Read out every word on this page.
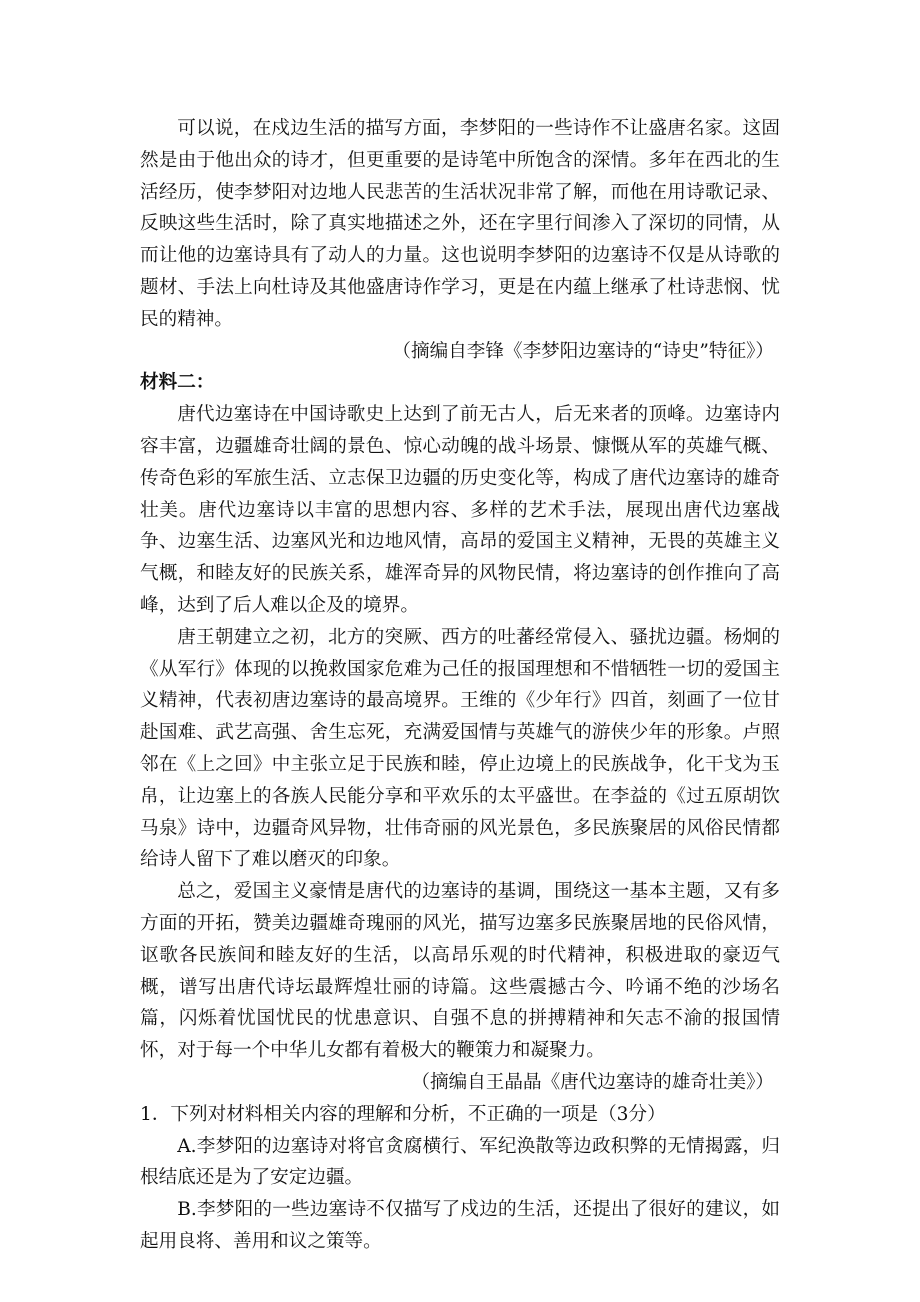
可以说，在戍边生活的描写方面，李梦阳的一些诗作不让盛唐名家。这固然是由于他出众的诗才，但更重要的是诗笔中所饱含的深情。多年在西北的生活经历，使李梦阳对边地人民悲苦的生活状况非常了解，而他在用诗歌记录、反映这些生活时，除了真实地描述之外，还在字里行间渗入了深切的同情，从而让他的边塞诗具有了动人的力量。这也说明李梦阳的边塞诗不仅是从诗歌的题材、手法上向杜诗及其他盛唐诗作学习，更是在内蕴上继承了杜诗悲悯、忧民的精神。

（摘编自李锋《李梦阳边塞诗的“诗史”特征》）

材料二：

唐代边塞诗在中国诗歌史上达到了前无古人，后无来者的顶峰。边塞诗内容丰富，边疆雄奇壮阔的景色、惊心动魄的战斗场景、慷慨从军的英雄气概、传奇色彩的军旅生活、立志保卫边疆的历史变化等，构成了唐代边塞诗的雄奇壮美。唐代边塞诗以丰富的思想内容、多样的艺术手法，展现出唐代边塞战争、边塞生活、边塞风光和边地风情，高昂的爱国主义精神，无畏的英雄主义气概，和睦友好的民族关系，雄浑奇异的风物民情，将边塞诗的创作推向了高峰，达到了后人难以企及的境界。

唐王朝建立之初，北方的突厥、西方的吐蕃经常侵入、骚扰边疆。杨炯的《从军行》体现的以挽救国家危难为己任的报国理想和不惜牺牲一切的爱国主义精神，代表初唐边塞诗的最高境界。王维的《少年行》四首，刻画了一位甘赴国难、武艺高强、舍生忘死，充满爱国情与英雄气的游侠少年的形象。卢照邻在《上之回》中主张立足于民族和睦，停止边境上的民族战争，化干戈为玉帛，让边塞上的各族人民能分享和平欢乐的太平盛世。在李益的《过五原胡饮马泉》诗中，边疆奇风异物，壮伟奇丽的风光景色，多民族聚居的风俗民情都给诗人留下了难以磨灭的印象。

总之，爱国主义豪情是唐代的边塞诗的基调，围绕这一基本主题，又有多方面的开拓，赞美边疆雄奇瑰丽的风光，描写边塞多民族聚居地的民俗风情，讴歌各民族间和睦友好的生活，以高昂乐观的时代精神，积极进取的豪迈气概，谱写出唐代诗坛最辉煌壮丽的诗篇。这些震撼古今、吟诵不绝的沙场名篇，闪烁着忧国忧民的忧患意识、自强不息的拼搏精神和矢志不渝的报国情怀，对于每一个中华儿女都有着极大的鞭策力和凝聚力。

（摘编自王晶晶《唐代边塞诗的雄奇壮美》）

1．下列对材料相关内容的理解和分析，不正确的一项是（3分）

A.李梦阳的边塞诗对将官贪腐横行、军纪涣散等边政积弊的无情揭露，归根结底还是为了安定边疆。

B.李梦阳的一些边塞诗不仅描写了戍边的生活，还提出了很好的建议，如起用良将、善用和议之策等。
